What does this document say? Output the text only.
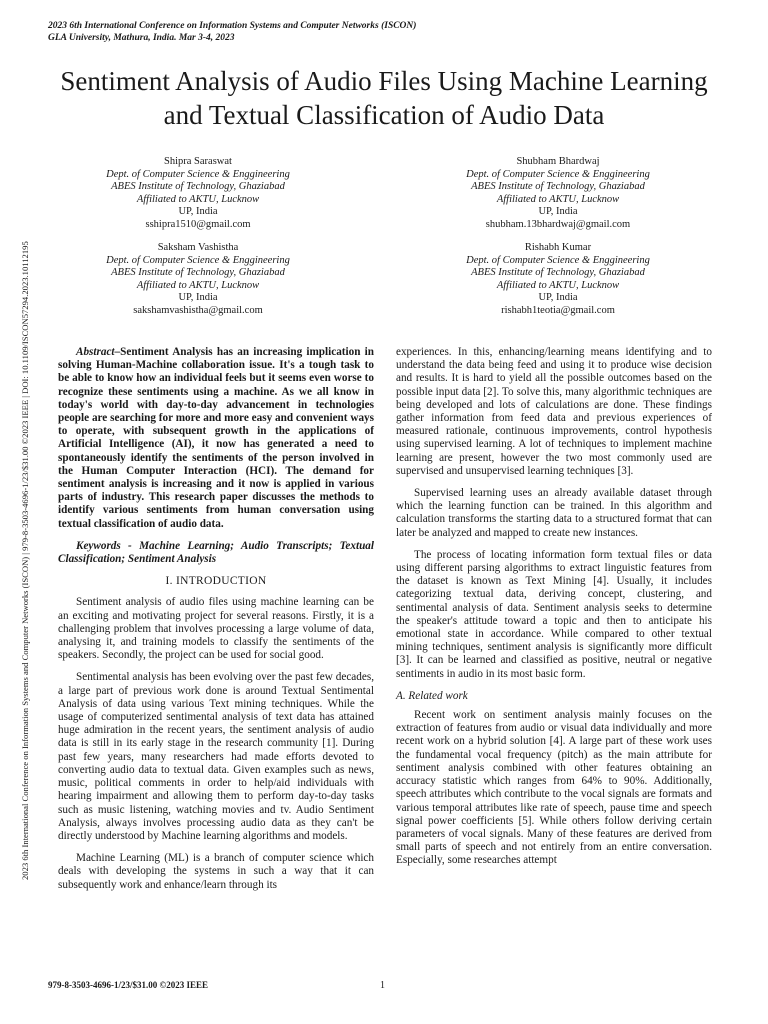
2023 6th International Conference on Information Systems and Computer Networks (ISCON)
GLA University, Mathura, India. Mar 3-4, 2023
2023 6th International Conference on Information Systems and Computer Networks (ISCON) | 979-8-3503-4696-1/23/$31.00 ©2023 IEEE | DOI: 10.1109/ISCON57294.2023.10112195
Sentiment Analysis of Audio Files Using Machine Learning and Textual Classification of Audio Data
Shipra Saraswat
Dept. of Computer Science & Enggineering
ABES Institute of Technology, Ghaziabad
Affiliated to AKTU, Lucknow
UP, India
sshipra1510@gmail.com
Shubham Bhardwaj
Dept. of Computer Science & Enggineering
ABES Institute of Technology, Ghaziabad
Affiliated to AKTU, Lucknow
UP, India
shubham.13bhardwaj@gmail.com
Saksham Vashistha
Dept. of Computer Science & Enggineering
ABES Institute of Technology, Ghaziabad
Affiliated to AKTU, Lucknow
UP, India
sakshamvashistha@gmail.com
Rishabh Kumar
Dept. of Computer Science & Enggineering
ABES Institute of Technology, Ghaziabad
Affiliated to AKTU, Lucknow
UP, India
rishabh1teotia@gmail.com

Abstract–Sentiment Analysis has an increasing implication in solving Human-Machine collaboration issue. It's a tough task to be able to know how an individual feels but it seems even worse to recognize these sentiments using a machine. As we all know in today's world with day-to-day advancement in technologies people are searching for more and more easy and convenient ways to operate, with subsequent growth in the applications of Artificial Intelligence (AI), it now has generated a need to spontaneously identify the sentiments of the person involved in the Human Computer Interaction (HCI). The demand for sentiment analysis is increasing and it now is applied in various parts of industry. This research paper discusses the methods to identify various sentiments from human conversation using textual classification of audio data.

Keywords - Machine Learning; Audio Transcripts; Textual Classification; Sentiment Analysis

I. INTRODUCTION

Sentiment analysis of audio files using machine learning can be an exciting and motivating project for several reasons. Firstly, it is a challenging problem that involves processing a large volume of data, analysing it, and training models to classify the sentiments of the speakers. Secondly, the project can be used for social good.

Sentimental analysis has been evolving over the past few decades, a large part of previous work done is around Textual Sentimental Analysis of data using various Text mining techniques. While the usage of computerized sentimental analysis of text data has attained huge admiration in the recent years, the sentiment analysis of audio data is still in its early stage in the research community [1]. During past few years, many researchers had made efforts devoted to converting audio data to textual data. Given examples such as news, music, political comments in order to help/aid individuals with hearing impairment and allowing them to perform day-to-day tasks such as music listening, watching movies and tv. Audio Sentiment Analysis, always involves processing audio data as they can't be directly understood by Machine learning algorithms and models.

Machine Learning (ML) is a branch of computer science which deals with developing the systems in such a way that it can subsequently work and enhance/learn through its

experiences. In this, enhancing/learning means identifying and to understand the data being feed and using it to produce wise decision and results. It is hard to yield all the possible outcomes based on the possible input data [2]. To solve this, many algorithmic techniques are being developed and lots of calculations are done. These findings gather information from feed data and previous experiences of measured rationale, continuous improvements, control hypothesis using supervised learning. A lot of techniques to implement machine learning are present, however the two most commonly used are supervised and unsupervised learning techniques [3].

Supervised learning uses an already available dataset through which the learning function can be trained. In this algorithm and calculation transforms the starting data to a structured format that can later be analyzed and mapped to create new instances.

The process of locating information form textual files or data using different parsing algorithms to extract linguistic features from the dataset is known as Text Mining [4]. Usually, it includes categorizing textual data, deriving concept, clustering, and sentimental analysis of data. Sentiment analysis seeks to determine the speaker's attitude toward a topic and then to anticipate his emotional state in accordance. While compared to other textual mining techniques, sentiment analysis is significantly more difficult [3]. It can be learned and classified as positive, neutral or negative sentiments in audio in its most basic form.

A. Related work

Recent work on sentiment analysis mainly focuses on the extraction of features from audio or visual data individually and more recent work on a hybrid solution [4]. A large part of these work uses the fundamental vocal frequency (pitch) as the main attribute for sentiment analysis combined with other features obtaining an accuracy statistic which ranges from 64% to 90%. Additionally, speech attributes which contribute to the vocal signals are formats and various temporal attributes like rate of speech, pause time and speech signal power coefficients [5]. While others follow deriving certain parameters of vocal signals. Many of these features are derived from small parts of speech and not entirely from an entire conversation. Especially, some researches attempt

979-8-3503-4696-1/23/$31.00 ©2023 IEEE	1
